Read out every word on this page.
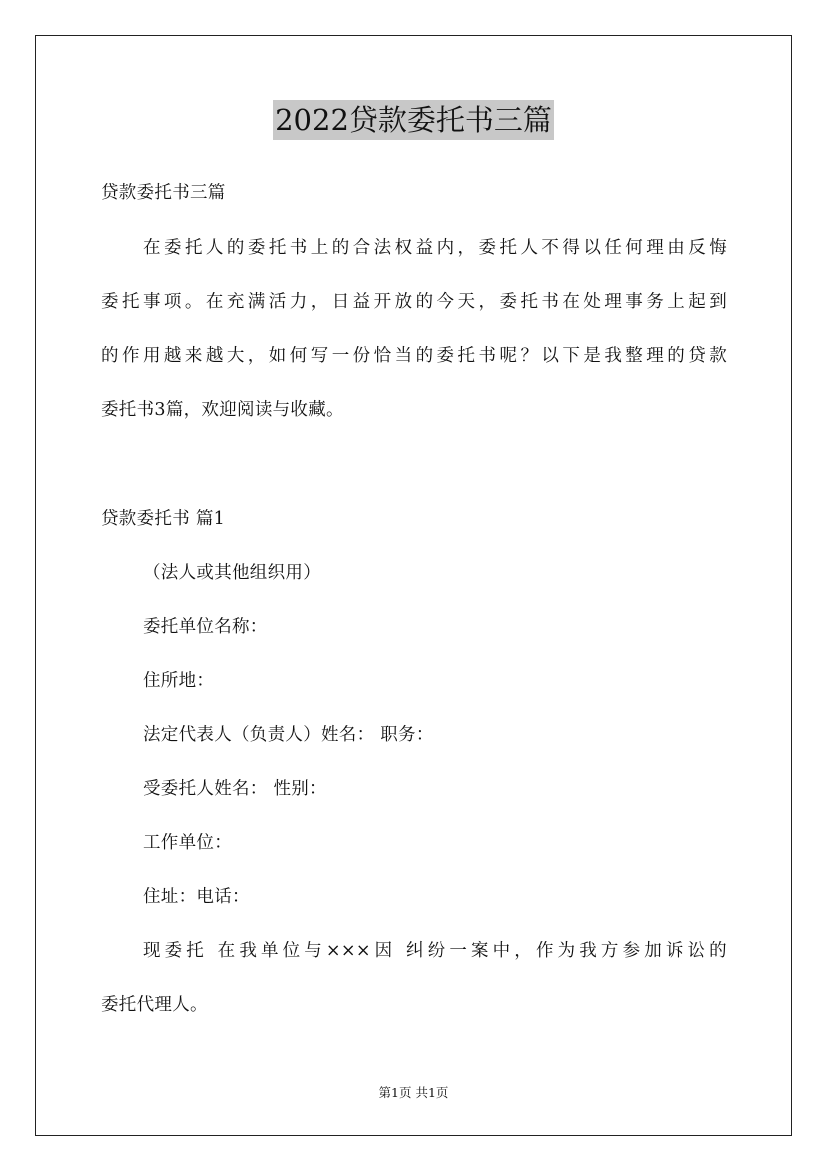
2022贷款委托书三篇
贷款委托书三篇
在委托人的委托书上的合法权益内，委托人不得以任何理由反悔
委托事项。在充满活力，日益开放的今天，委托书在处理事务上起到
的作用越来越大，如何写一份恰当的委托书呢？以下是我整理的贷款
委托书3篇，欢迎阅读与收藏。
贷款委托书 篇1
（法人或其他组织用）
委托单位名称：
住所地：
法定代表人（负责人）姓名： 职务：
受委托人姓名： 性别：
工作单位：
住址：电话：
现委托 在我单位与×××因 纠纷一案中，作为我方参加诉讼的
委托代理人。
第1页 共1页
